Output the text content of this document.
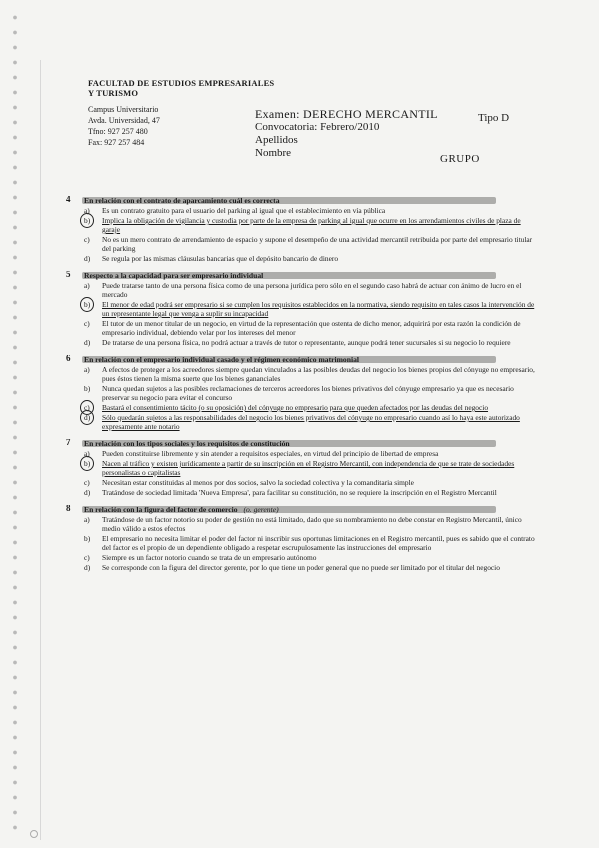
FACULTAD DE ESTUDIOS EMPRESARIALES
Y TURISMO
Campus Universitario
Avda. Universidad, 47
Tfno: 927 257 480
Fax: 927 257 484
Examen: DERECHO MERCANTIL
Convocatoria: Febrero/2010
Apellidos
Nombre
Tipo D
GRUPO
4 En relación con el contrato de aparcamiento cuál es correcta
a) Es un contrato gratuito para el usuario del parking al igual que el establecimiento en vía pública
b) Implica la obligación de vigilancia y custodia por parte de la empresa de parking al igual que ocurre en los arrendamientos civiles de plaza de garaje
c) No es un mero contrato de arrendamiento de espacio y supone el desempeño de una actividad mercantil retribuida por parte del empresario titular del parking
d) Se regula por las mismas cláusulas bancarias que el depósito bancario de dinero
5 Respecto a la capacidad para ser empresario individual
a) Puede tratarse tanto de una persona física como de una persona jurídica pero sólo en el segundo caso habrá de actuar con ánimo de lucro en el mercado
b) El menor de edad podrá ser empresario si se cumplen los requisitos establecidos en la normativa, siendo requisito en tales casos la intervención de un representante legal que venga a suplir su incapacidad
c) El tutor de un menor titular de un negocio, en virtud de la representación que ostenta de dicho menor, adquirirá por esta razón la condición de empresario individual, debiendo velar por los intereses del menor
d) De tratarse de una persona física, no podrá actuar a través de tutor o representante, aunque podrá tener sucursales si su negocio lo requiere
6 En relación con el empresario individual casado y el régimen económico matrimonial
a) A efectos de proteger a los acreedores siempre quedan vinculados a las posibles deudas del negocio los bienes propios del cónyuge no empresario, pues éstos tienen la misma suerte que los bienes gananciales
b) Nunca quedan sujetos a las posibles reclamaciones de terceros acreedores los bienes privativos del cónyuge empresario ya que es necesario preservar su negocio para evitar el concurso
c) Bastará el consentimiento tácito (o su oposición) del cónyuge no empresario para que queden afectados por las deudas del negocio
d) Sólo quedarán sujetos a las responsabilidades del negocio los bienes privativos del cónyuge no empresario cuando así lo haya este autorizado expresamente ante notario
7 En relación con los tipos sociales y los requisitos de constitución
a) Pueden constituirse libremente y sin atender a requisitos especiales, en virtud del principio de libertad de empresa
b) Nacen al tráfico y existen jurídicamente a partir de su inscripción en el Registro Mercantil, con independencia de que se trate de sociedades personalistas o capitalistas
c) Necesitan estar constituidas al menos por dos socios, salvo la sociedad colectiva y la comanditaria simple
d) Tratándose de sociedad limitada 'Nueva Empresa', para facilitar su constitución, no se requiere la inscripción en el Registro Mercantil
8 En relación con la figura del factor de comercio (o. gerente)
a) Tratándose de un factor notorio su poder de gestión no está limitado, dado que su nombramiento no debe constar en Registro Mercantil, único medio válido a estos efectos
b) El empresario no necesita limitar el poder del factor ni inscribir sus oportunas limitaciones en el Registro mercantil, pues es sabido que el contrato del factor es el propio de un dependiente obligado a respetar escrupulosamente las instrucciones del empresario
c) Siempre es un factor notorio cuando se trata de un empresario autónomo
d) Se corresponde con la figura del director gerente, por lo que tiene un poder general que no puede ser limitado por el titular del negocio
